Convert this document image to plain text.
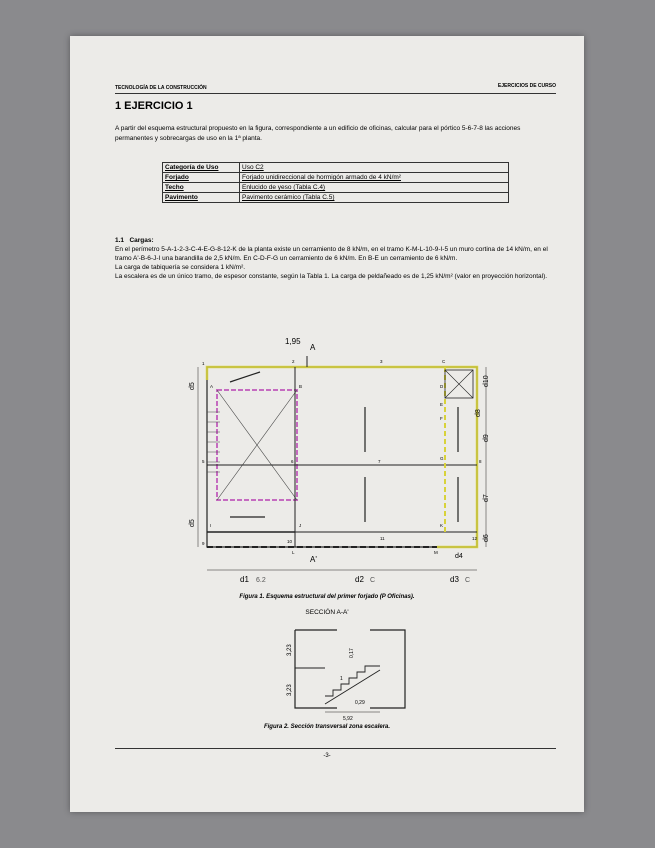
TECNOLOGÍA DE LA CONSTRUCCIÓN	EJERCICIOS DE CURSO
1 EJERCICIO 1
A partir del esquema estructural propuesto en la figura, correspondiente a un edificio de oficinas, calcular para el pórtico 5-6-7-8 las acciones permanentes y sobrecargas de uso en la 1ª planta.
Categoría de Uso	Uso C2
Forjado	Forjado unidireccional de hormigón armado de 4 kN/m²
Techo	Enlucido de yeso (Tabla C.4)
Pavimento	Pavimento cerámico (Tabla C.5)
1.1 Cargas:
En el perímetro 5-A-1-2-3-C-4-E-G-8-12-K de la planta existe un cerramiento de 8 kN/m, en el tramo K-M-L-10-9-I-5 un muro cortina de 14 kN/m, en el tramo A'-B-6-J-I una barandilla de 2,5 kN/m. En C-D-F-G un cerramiento de 6 kN/m. En B-E un cerramiento de 6 kN/m.
La carga de tabiquería se considera 1 kN/m².
La escalera es de un único tramo, de espesor constante, según la Tabla 1. La carga de peldañeado es de 1,25 kN/m² (valor en proyección horizontal).
A
A'
1,95
d5
d5
d10
d9
d7
d6
d8
d1 6.2	d2 C	d3 C
d4
1	2	3	C
A	B	D
E
5	6	7	8
F
G
9	10
11	12
I	J	K
L	M
Figura 1. Esquema estructural del primer forjado (P Oficinas).
SECCIÓN A-A'
3,23
3,23
0,17
1
0,29
5,92
Figura 2. Sección transversal zona escalera.
-3-
